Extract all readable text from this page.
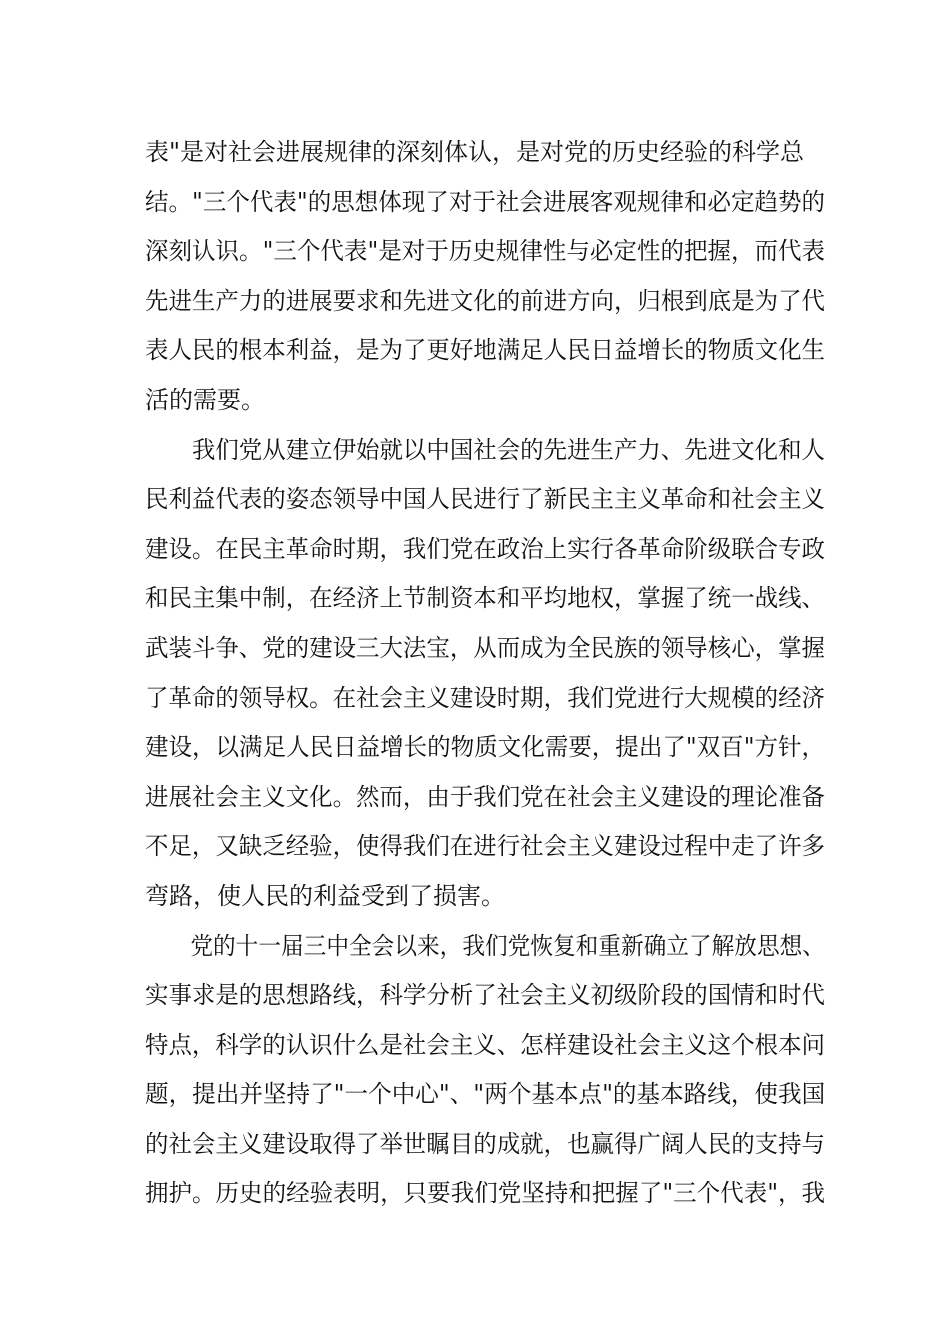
表"是对社会进展规律的深刻体认，是对党的历史经验的科学总
结。"三个代表"的思想体现了对于社会进展客观规律和必定趋势的
深刻认识。"三个代表"是对于历史规律性与必定性的把握，而代表
先进生产力的进展要求和先进文化的前进方向，归根到底是为了代
表人民的根本利益，是为了更好地满足人民日益增长的物质文化生
活的需要。
我们党从建立伊始就以中国社会的先进生产力、先进文化和人
民利益代表的姿态领导中国人民进行了新民主主义革命和社会主义
建设。在民主革命时期，我们党在政治上实行各革命阶级联合专政
和民主集中制，在经济上节制资本和平均地权，掌握了统一战线、
武装斗争、党的建设三大法宝，从而成为全民族的领导核心，掌握
了革命的领导权。在社会主义建设时期，我们党进行大规模的经济
建设，以满足人民日益增长的物质文化需要，提出了"双百"方针，
进展社会主义文化。然而，由于我们党在社会主义建设的理论准备
不足，又缺乏经验，使得我们在进行社会主义建设过程中走了许多
弯路，使人民的利益受到了损害。
党的十一届三中全会以来，我们党恢复和重新确立了解放思想、
实事求是的思想路线，科学分析了社会主义初级阶段的国情和时代
特点，科学的认识什么是社会主义、怎样建设社会主义这个根本问
题，提出并坚持了"一个中心"、"两个基本点"的基本路线，使我国
的社会主义建设取得了举世瞩目的成就，也赢得广阔人民的支持与
拥护。历史的经验表明，只要我们党坚持和把握了"三个代表"，我
